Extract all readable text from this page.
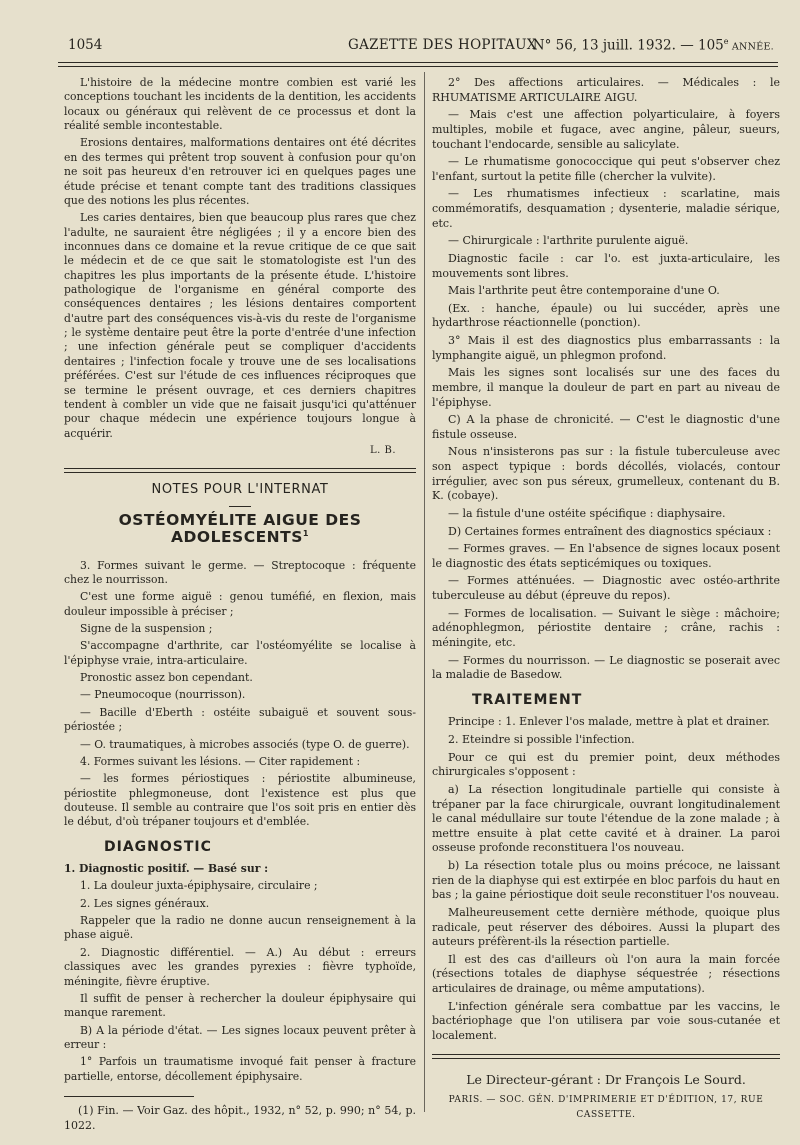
1054	GAZETTE DES HOPITAUX
N° 56, 13 juill. 1932. — 105e ANNÉE.

L'histoire de la médecine montre combien est varié les conceptions touchant les incidents de la dentition, les accidents locaux ou généraux qui relèvent de ce processus et dont la réalité semble incontestable.

Erosions dentaires, malformations dentaires ont été décrites en des termes qui prêtent trop souvent à confusion pour qu'on ne soit pas heureux d'en retrouver ici en quelques pages une étude précise et tenant compte tant des traditions classiques que des notions les plus récentes.

Les caries dentaires, bien que beaucoup plus rares que chez l'adulte, ne sauraient être négligées ; il y a encore bien des inconnues dans ce domaine et la revue critique de ce que sait le médecin et de ce que sait le stomatologiste est l'un des chapitres les plus importants de la présente étude. L'histoire pathologique de l'organisme en général comporte des conséquences dentaires ; les lésions dentaires comportent d'autre part des conséquences vis-à-vis du reste de l'organisme ; le système dentaire peut être la porte d'entrée d'une infection ; une infection générale peut se compliquer d'accidents dentaires ; l'infection focale y trouve une de ses localisations préférées. C'est sur l'étude de ces influences réciproques que se termine le présent ouvrage, et ces derniers chapitres tendent à combler un vide que ne faisait jusqu'ici qu'atténuer pour chaque médecin une expérience toujours longue à acquérir.

L. B.
NOTES POUR L'INTERNAT
OSTÉOMYÉLITE AIGUE DES ADOLESCENTS$^1$

3. Formes suivant le germe. — Streptocoque : fréquente chez le nourrisson.

C'est une forme aiguë : genou tuméfié, en flexion, mais douleur impossible à préciser ;

Signe de la suspension ;

S'accompagne d'arthrite, car l'ostéomyélite se localise à l'épiphyse vraie, intra-articulaire.

Pronostic assez bon cependant.

— Pneumocoque (nourrisson).

— Bacille d'Eberth : ostéite subaiguë et souvent sous-périostée ;

— O. traumatiques, à microbes associés (type O. de guerre).

4. Formes suivant les lésions. — Citer rapidement :

— les formes périostiques : périostite albumineuse, périostite phlegmoneuse, dont l'existence est plus que douteuse. Il semble au contraire que l'os soit pris en entier dès le début, d'où trépaner toujours et d'emblée.

DIAGNOSTIC

1. Diagnostic positif. — Basé sur :

1. La douleur juxta-épiphysaire, circulaire ;

2. Les signes généraux.

Rappeler que la radio ne donne aucun renseignement à la phase aiguë.

2. Diagnostic différentiel. — A.) Au début : erreurs classiques avec les grandes pyrexies : fièvre typhoïde, méningite, fièvre éruptive.

Il suffit de penser à rechercher la douleur épiphysaire qui manque rarement.

B) A la période d'état. — Les signes locaux peuvent prêter à erreur :

1° Parfois un traumatisme invoqué fait penser à fracture partielle, entorse, décollement épiphysaire.

(1) Fin. — Voir Gaz. des hôpit., 1932, n° 52, p. 990; n° 54, p. 1022.

2° Des affections articulaires. — Médicales : le RHUMATISME ARTICULAIRE AIGU.

— Mais c'est une affection polyarticulaire, à foyers multiples, mobile et fugace, avec angine, pâleur, sueurs, touchant l'endocarde, sensible au salicylate.

— Le rhumatisme gonococcique qui peut s'observer chez l'enfant, surtout la petite fille (chercher la vulvite).

— Les rhumatismes infectieux : scarlatine, mais commémoratifs, desquamation ; dysenterie, maladie sérique, etc.

— Chirurgicale : l'arthrite purulente aiguë.

Diagnostic facile : car l'o. est juxta-articulaire, les mouvements sont libres.

Mais l'arthrite peut être contemporaine d'une O.

(Ex. : hanche, épaule) ou lui succéder, après une hydarthrose réactionnelle (ponction).

3° Mais il est des diagnostics plus embarrassants : la lymphangite aiguë, un phlegmon profond.

Mais les signes sont localisés sur une des faces du membre, il manque la douleur de part en part au niveau de l'épiphyse.

C) A la phase de chronicité. — C'est le diagnostic d'une fistule osseuse.

Nous n'insisterons pas sur : la fistule tuberculeuse avec son aspect typique : bords décollés, violacés, contour irrégulier, avec son pus séreux, grumelleux, contenant du B. K. (cobaye).

— la fistule d'une ostéite spécifique : diaphysaire.

D) Certaines formes entraînent des diagnostics spéciaux :

— Formes graves. — En l'absence de signes locaux posent le diagnostic des états septicémiques ou toxiques.

— Formes atténuées. — Diagnostic avec ostéo-arthrite tuberculeuse au début (épreuve du repos).

— Formes de localisation. — Suivant le siège : mâchoire; adénophlegmon, périostite dentaire ; crâne, rachis : méningite, etc.

— Formes du nourrisson. — Le diagnostic se poserait avec la maladie de Basedow.

TRAITEMENT

Principe : 1. Enlever l'os malade, mettre à plat et drainer.

2. Eteindre si possible l'infection.

Pour ce qui est du premier point, deux méthodes chirurgicales s'opposent :

a) La résection longitudinale partielle qui consiste à trépaner par la face chirurgicale, ouvrant longitudinalement le canal médullaire sur toute l'étendue de la zone malade ; à mettre ensuite à plat cette cavité et à drainer. La paroi osseuse profonde reconstituera l'os nouveau.

b) La résection totale plus ou moins précoce, ne laissant rien de la diaphyse qui est extirpée en bloc parfois du haut en bas ; la gaine périostique doit seule reconstituer l'os nouveau.

Malheureusement cette dernière méthode, quoique plus radicale, peut réserver des déboires. Aussi la plupart des auteurs préfèrent-ils la résection partielle.

Il est des cas d'ailleurs où l'on aura la main forcée (résections totales de diaphyse séquestrée ; résections articulaires de drainage, ou même amputations).

L'infection générale sera combattue par les vaccins, le bactériophage que l'on utilisera par voie sous-cutanée et localement.

Le Directeur-gérant : Dr François Le Sourd.
PARIS. — SOC. GÉN. D'IMPRIMERIE ET D'ÉDITION, 17, RUE CASSETTE.
